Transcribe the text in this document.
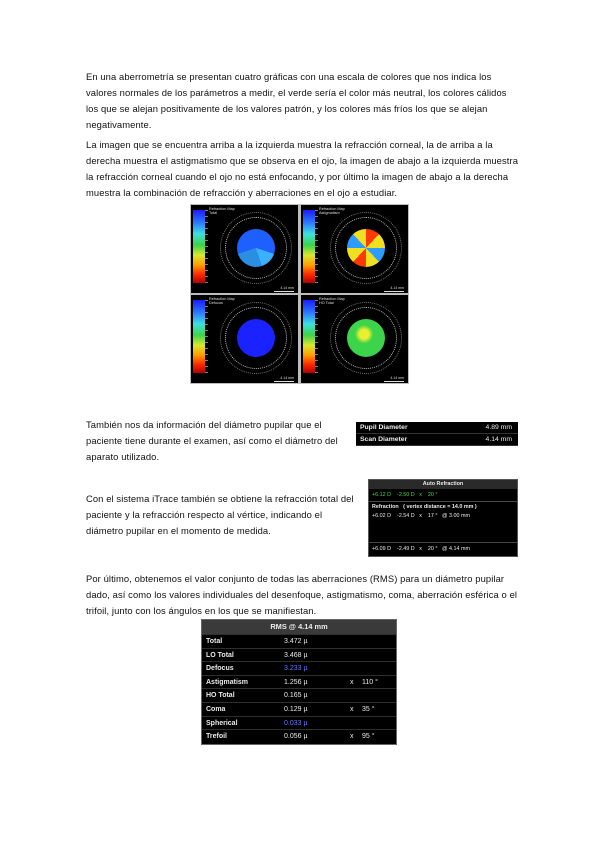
En una aberrometría se presentan cuatro gráficas con una escala de colores que nos indica los valores normales de los parámetros a medir, el verde sería el color más neutral, los colores cálidos los que se alejan positivamente de los valores patrón, y los colores más fríos los que se alejan negativamente.

La imagen que se encuentra arriba a la izquierda muestra la refracción corneal, la de arriba a la derecha muestra el astigmatismo que se observa en el ojo, la imagen de abajo a la izquierda muestra la refracción corneal cuando el ojo no está enfocando, y por último la imagen de abajo a la derecha muestra la combinación de refracción y aberraciones en el ojo a estudiar.

Refraction Map
Total
4.14 mm
Refraction Map
Astigmatism
4.14 mm
Refraction Map
Defocus
4.14 mm
Refraction Map
HO Total
4.14 mm

También nos da información del diámetro pupilar que el paciente tiene durante el examen, así como el diámetro del aparato utilizado.

Pupil Diameter	4.89 mm
Scan Diameter	4.14 mm

Con el sistema iTrace también se obtiene la refracción total del paciente y la refracción respecto al vértice, indicando el diámetro pupilar en el momento de medida.

Auto Refraction
+6.12 D    -2.50 D   x    20 °
Refraction   ( vertex distance = 14.0 mm )
+6.02 D    -2.54 D   x    17 °   @ 3.00 mm
+6.09 D    -2.49 D   x    20 °   @ 4.14 mm

Por último, obtenemos el valor conjunto de todas las aberraciones (RMS) para un diámetro pupilar dado, así como los valores individuales del desenfoque, astigmatismo, coma, aberración esférica o el trifoil, junto con los ángulos en los que se manifiestan.

RMS @ 4.14 mm
Total	3.472 µ
LO Total	3.468 µ
Defocus	3.233 µ
Astigmatism	1.256 µ	x 110 °
HO Total	0.165 µ
Coma	0.129 µ	x 35 °
Spherical	0.033 µ
Trefoil	0.056 µ	x 95 °
